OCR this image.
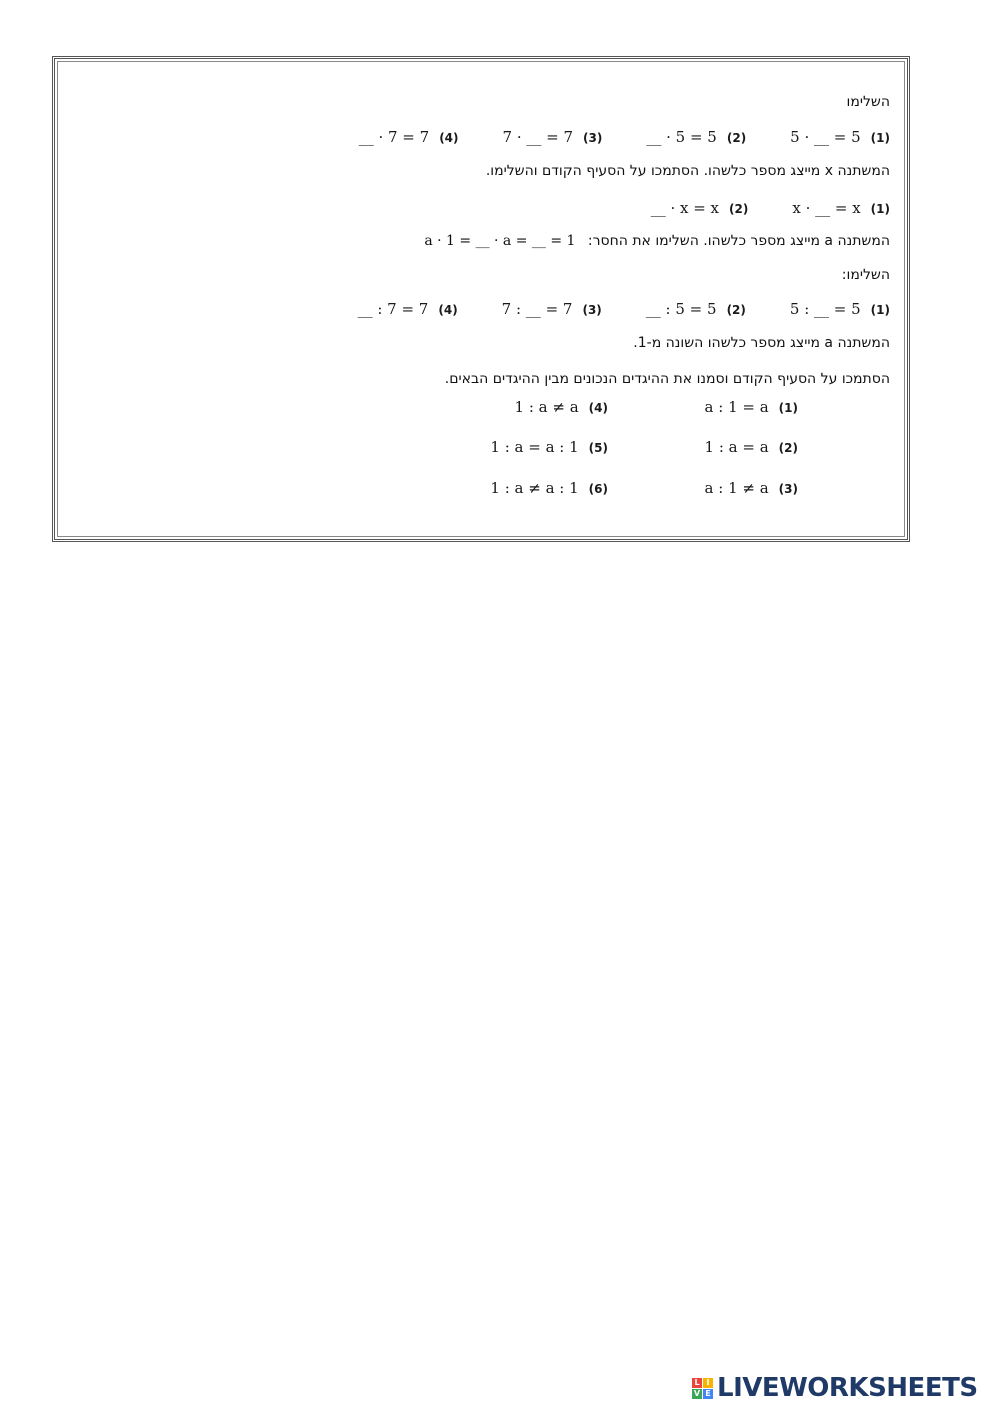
השלימו
(1)
5 · __ = 5
(2)
__ · 5 = 5
(3)
7 · __ = 7
(4)
__ · 7 = 7
המשתנה x מייצג מספר כלשהו. הסתמכו על הסעיף הקודם והשלימו.
(1)
x · __ = x
(2)
__ · x = x
המשתנה a מייצג מספר כלשהו. השלימו את החסר: a · 1 = __ · a = __ = 1
השלימו:
(1)
5 : __ = 5
(2)
__ : 5 = 5
(3)
7 : __ = 7
(4)
__ : 7 = 7
המשתנה a מייצג מספר כלשהו השונה מ-1.
הסתמכו על הסעיף הקודם וסמנו את ההיגדים הנכונים מבין ההיגדים הבאים.
(1)
a : 1 = a
(4)
1 : a ≠ a
(2)
1 : a = a
(5)
1 : a = a : 1
(3)
a : 1 ≠ a
(6)
1 : a ≠ a : 1
L I
V E LIVEWORKSHEETS
